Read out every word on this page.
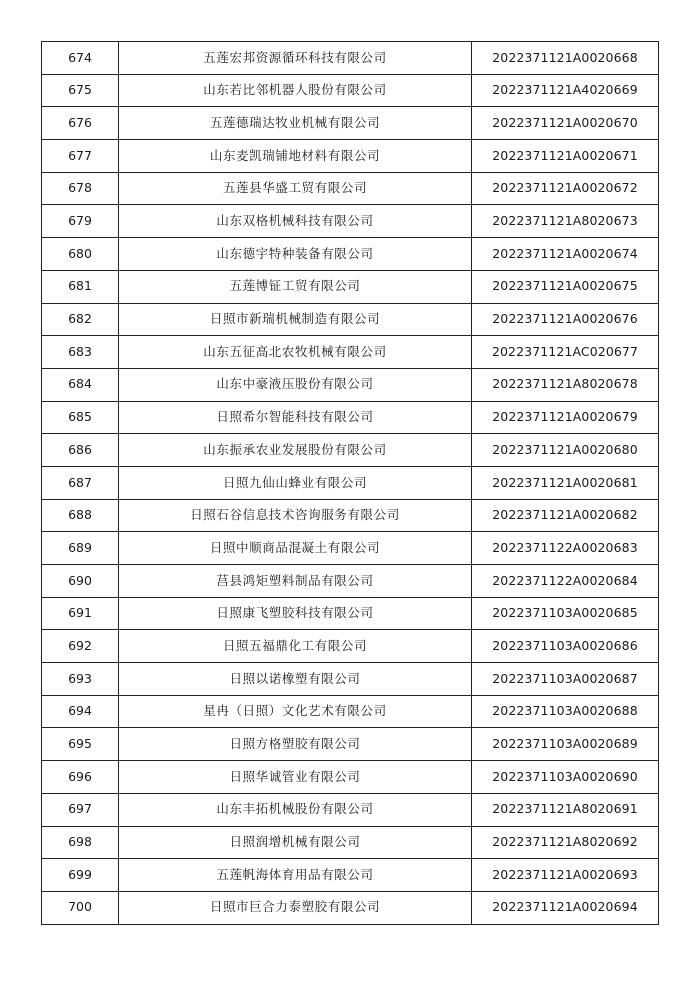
674	五莲宏邦资源循环科技有限公司	2022371121A0020668
675	山东若比邻机器人股份有限公司	2022371121A4020669
676	五莲德瑞达牧业机械有限公司	2022371121A0020670
677	山东麦凯瑞铺地材料有限公司	2022371121A0020671
678	五莲县华盛工贸有限公司	2022371121A0020672
679	山东双格机械科技有限公司	2022371121A8020673
680	山东德宇特种装备有限公司	2022371121A0020674
681	五莲博钲工贸有限公司	2022371121A0020675
682	日照市新瑞机械制造有限公司	2022371121A0020676
683	山东五征高北农牧机械有限公司	2022371121AC020677
684	山东中豪液压股份有限公司	2022371121A8020678
685	日照希尔智能科技有限公司	2022371121A0020679
686	山东振承农业发展股份有限公司	2022371121A0020680
687	日照九仙山蜂业有限公司	2022371121A0020681
688	日照石谷信息技术咨询服务有限公司	2022371121A0020682
689	日照中顺商品混凝土有限公司	2022371122A0020683
690	莒县鸿矩塑料制品有限公司	2022371122A0020684
691	日照康飞塑胶科技有限公司	2022371103A0020685
692	日照五福鼎化工有限公司	2022371103A0020686
693	日照以诺橡塑有限公司	2022371103A0020687
694	星冉（日照）文化艺术有限公司	2022371103A0020688
695	日照方格塑胶有限公司	2022371103A0020689
696	日照华诚管业有限公司	2022371103A0020690
697	山东丰拓机械股份有限公司	2022371121A8020691
698	日照润增机械有限公司	2022371121A8020692
699	五莲帆海体育用品有限公司	2022371121A0020693
700	日照市巨合力泰塑胶有限公司	2022371121A0020694
